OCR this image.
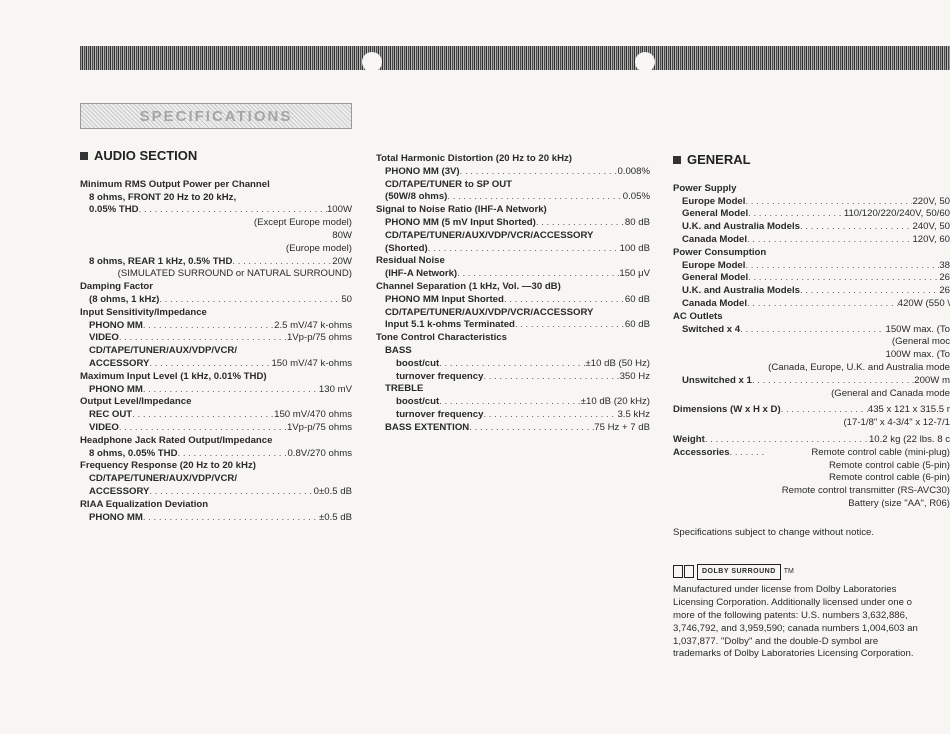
SPECIFICATIONS
AUDIO SECTION
Minimum RMS Output Power per Channel
8 ohms, FRONT 20 Hz to 20 kHz,
0.05% THD . . .	100W
(Except Europe model)
80W
(Europe model)
8 ohms, REAR 1 kHz, 0.5% THD . . .	20W
(SIMULATED SURROUND or NATURAL SURROUND)
Damping Factor
(8 ohms, 1 kHz) . . .	50
Input Sensitivity/Impedance
PHONO MM . . .	2.5 mV/47 k-ohms
VIDEO . . .	1Vp-p/75 ohms
CD/TAPE/TUNER/AUX/VDP/VCR/
ACCESSORY . . .	150 mV/47 k-ohms
Maximum Input Level (1 kHz, 0.01% THD)
PHONO MM . . .	130 mV
Output Level/Impedance
REC OUT . . .	150 mV/470 ohms
VIDEO . . .	1Vp-p/75 ohms
Headphone Jack Rated Output/Impedance
8 ohms, 0.05% THD . . .	0.8V/270 ohms
Frequency Response (20 Hz to 20 kHz)
CD/TAPE/TUNER/AUX/VDP/VCR/
ACCESSORY . . .	0±0.5 dB
RIAA Equalization Deviation
PHONO MM . . .	±0.5 dB
Total Harmonic Distortion (20 Hz to 20 kHz)
PHONO MM (3V) . . .	0.008%
CD/TAPE/TUNER to SP OUT
(50W/8 ohms) . . .	0.05%
Signal to Noise Ratio (IHF-A Network)
PHONO MM (5 mV Input Shorted) . . .	80 dB
CD/TAPE/TUNER/AUX/VDP/VCR/ACCESSORY
(Shorted) . . .	100 dB
Residual Noise
(IHF-A Network) . . .	150 μV
Channel Separation (1 kHz, Vol. —30 dB)
PHONO MM Input Shorted . . .	60 dB
CD/TAPE/TUNER/AUX/VDP/VCR/ACCESSORY
Input 5.1 k-ohms Terminated . . .	60 dB
Tone Control Characteristics
BASS
boost/cut . . .	±10 dB (50 Hz)
turnover frequency . . .	350 Hz
TREBLE
boost/cut . . .	±10 dB (20 kHz)
turnover frequency . . .	3.5 kHz
BASS EXTENTION . . .	75 Hz + 7 dB
GENERAL
Power Supply
Europe Model . . .	220V, 50
General Model . . .	110/120/220/240V, 50/60
U.K. and Australia Models . . .	240V, 50
Canada Model . . .	120V, 60
Power Consumption
Europe Model . . .	38
General Model . . .	26
U.K. and Australia Models . . .	26
Canada Model . . .	420W (550 \
AC Outlets
Switched x 4 . . .	150W max. (To
(General moc
100W max. (To
(Canada, Europe, U.K. and Australia mode
Unswitched x 1 . . .	200W m
(General and Canada mode
Dimensions (W x H x D) . . .	435 x 121 x 315.5 r
(17-1/8" x 4-3/4" x 12-7/1
Weight . . .	10.2 kg (22 lbs. 8 c
Accessories . . .	Remote control cable (mini-plug)
Remote control cable (5-pin)
Remote control cable (6-pin)
Remote control transmitter (RS-AVC30)
Battery (size "AA", R06)
Specifications subject to change without notice.
DOLBY SURROUND	TM
Manufactured under license from Dolby Laboratories
Licensing Corporation. Additionally licensed under one o
more of the following patents: U.S. numbers 3,632,886,
3,746,792, and 3,959,590; canada numbers 1,004,603 an
1,037,877. "Dolby" and the double-D symbol are
trademarks of Dolby Laboratories Licensing Corporation.
